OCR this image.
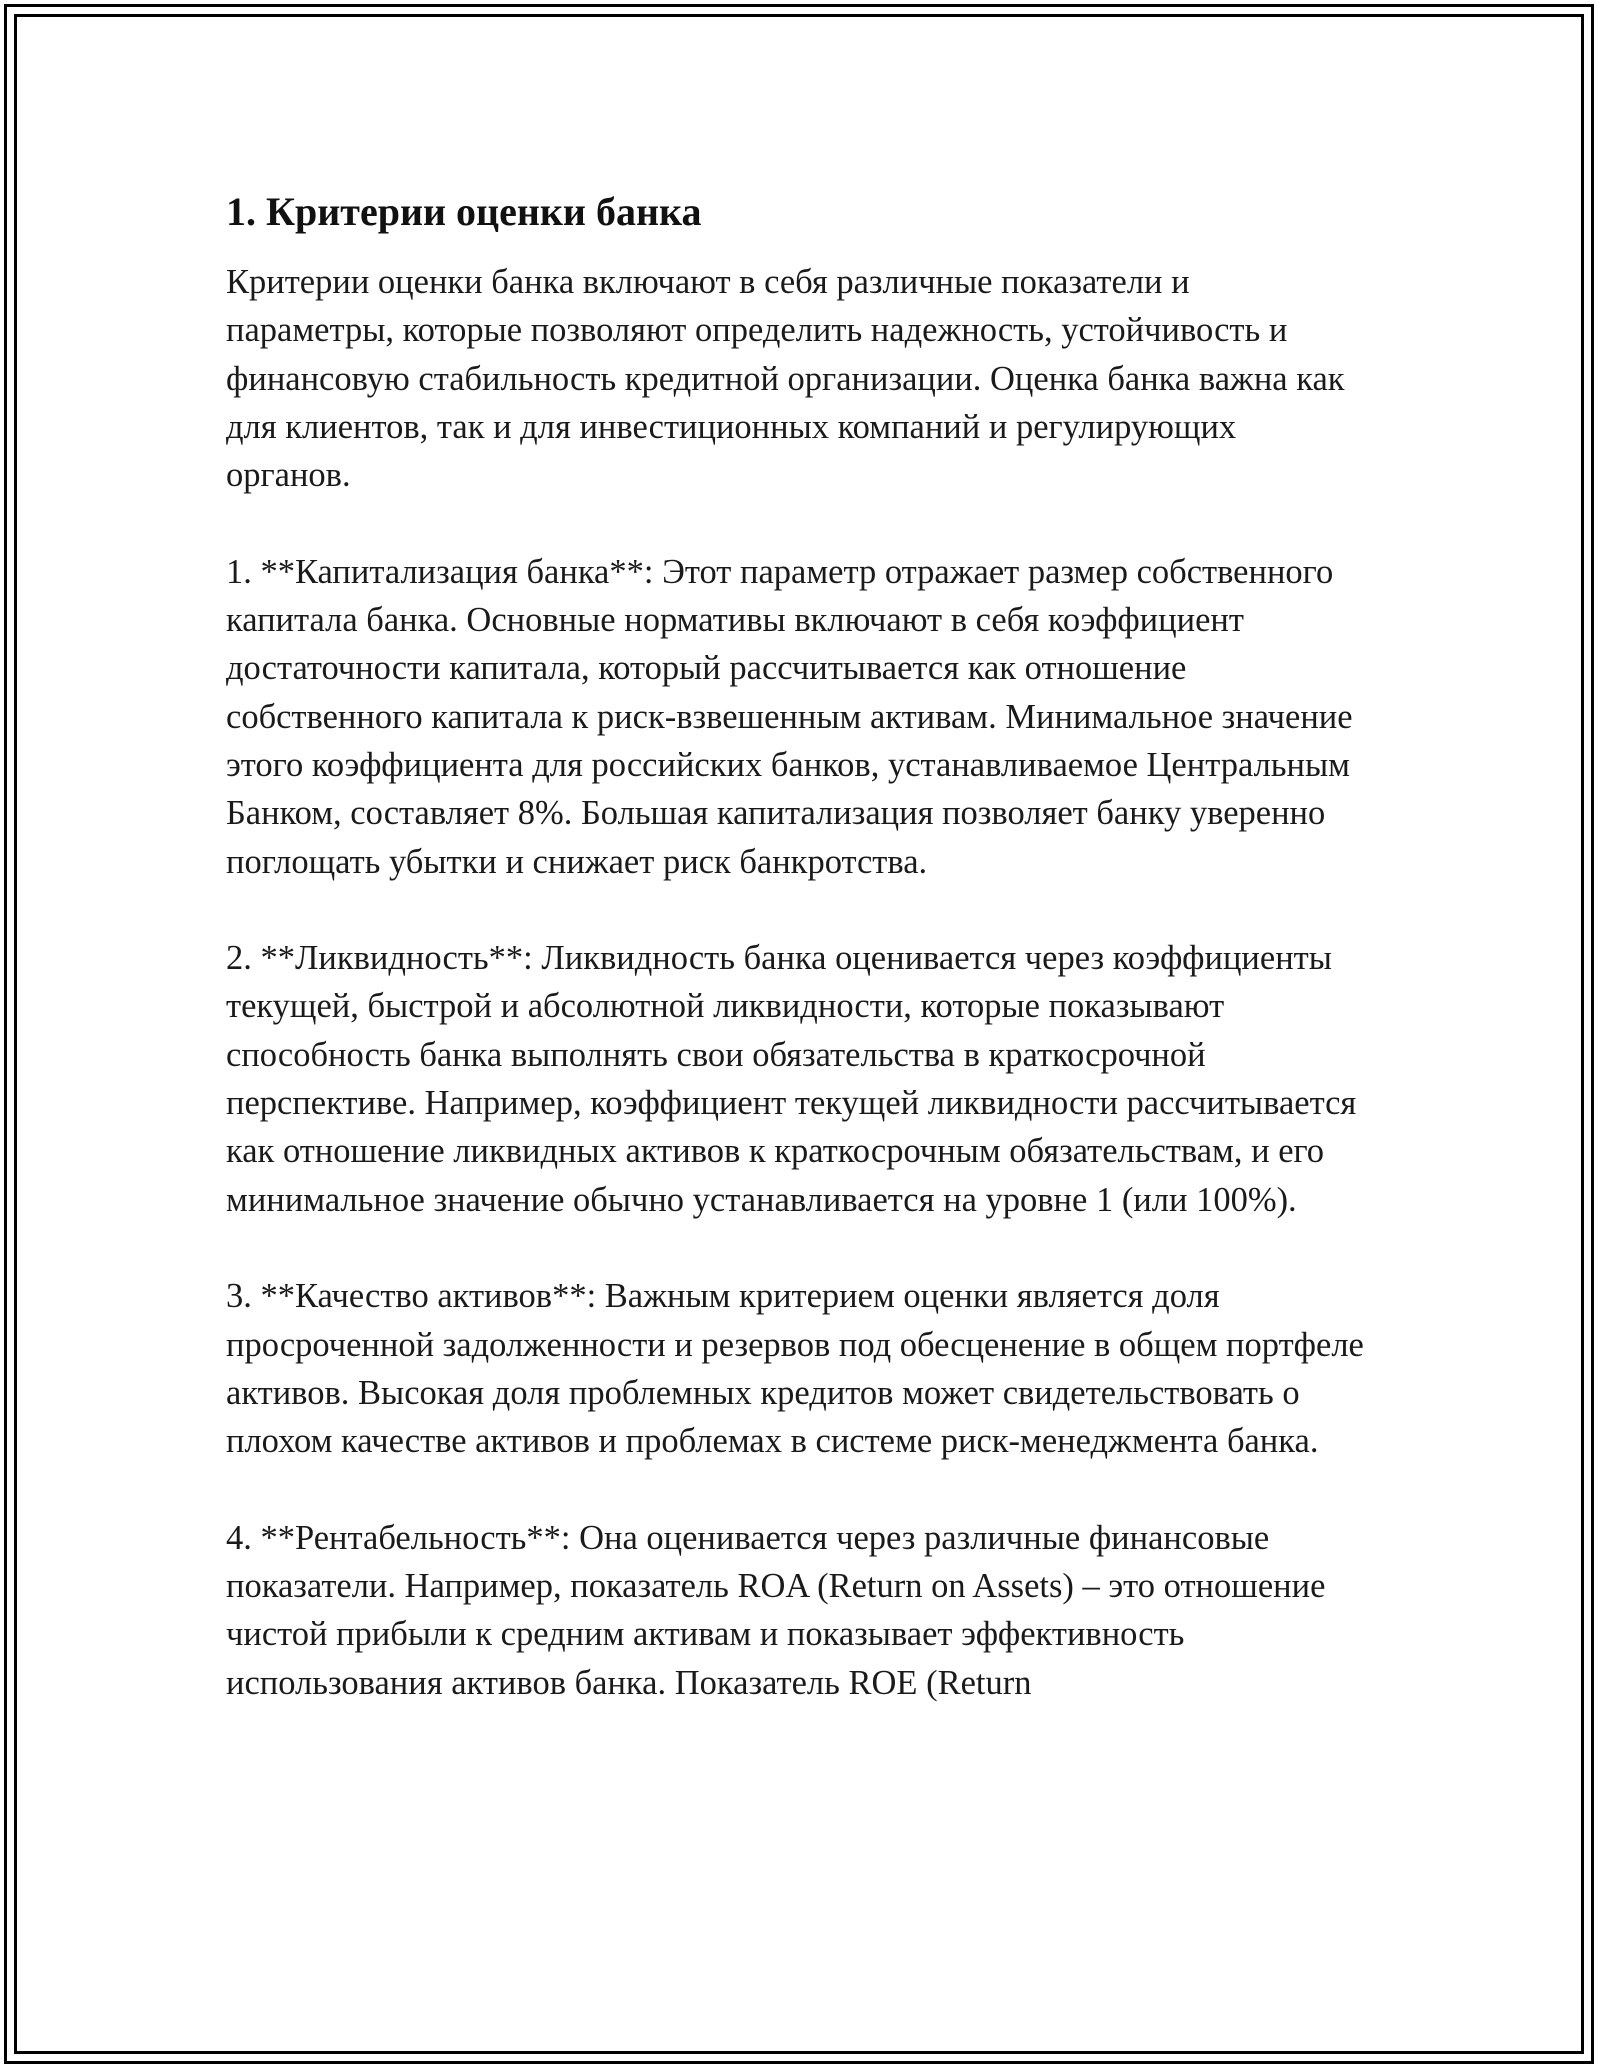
1. Критерии оценки банка

Критерии оценки банка включают в себя различные показатели и параметры, которые позволяют определить надежность, устойчивость и финансовую стабильность кредитной организации. Оценка банка важна как для клиентов, так и для инвестиционных компаний и регулирующих органов.

1. **Капитализация банка**: Этот параметр отражает размер собственного капитала банка. Основные нормативы включают в себя коэффициент достаточности капитала, который рассчитывается как отношение собственного капитала к риск-взвешенным активам. Минимальное значение этого коэффициента для российских банков, устанавливаемое Центральным Банком, составляет 8%. Большая капитализация позволяет банку уверенно поглощать убытки и снижает риск банкротства.

2. **Ликвидность**: Ликвидность банка оценивается через коэффициенты текущей, быстрой и абсолютной ликвидности, которые показывают способность банка выполнять свои обязательства в краткосрочной перспективе. Например, коэффициент текущей ликвидности рассчитывается как отношение ликвидных активов к краткосрочным обязательствам, и его минимальное значение обычно устанавливается на уровне 1 (или 100%).

3. **Качество активов**: Важным критерием оценки является доля просроченной задолженности и резервов под обесценение в общем портфеле активов. Высокая доля проблемных кредитов может свидетельствовать о плохом качестве активов и проблемах в системе риск-менеджмента банка.

4. **Рентабельность**: Она оценивается через различные финансовые показатели. Например, показатель ROA (Return on Assets) – это отношение чистой прибыли к средним активам и показывает эффективность использования активов банка. Показатель ROE (Return
